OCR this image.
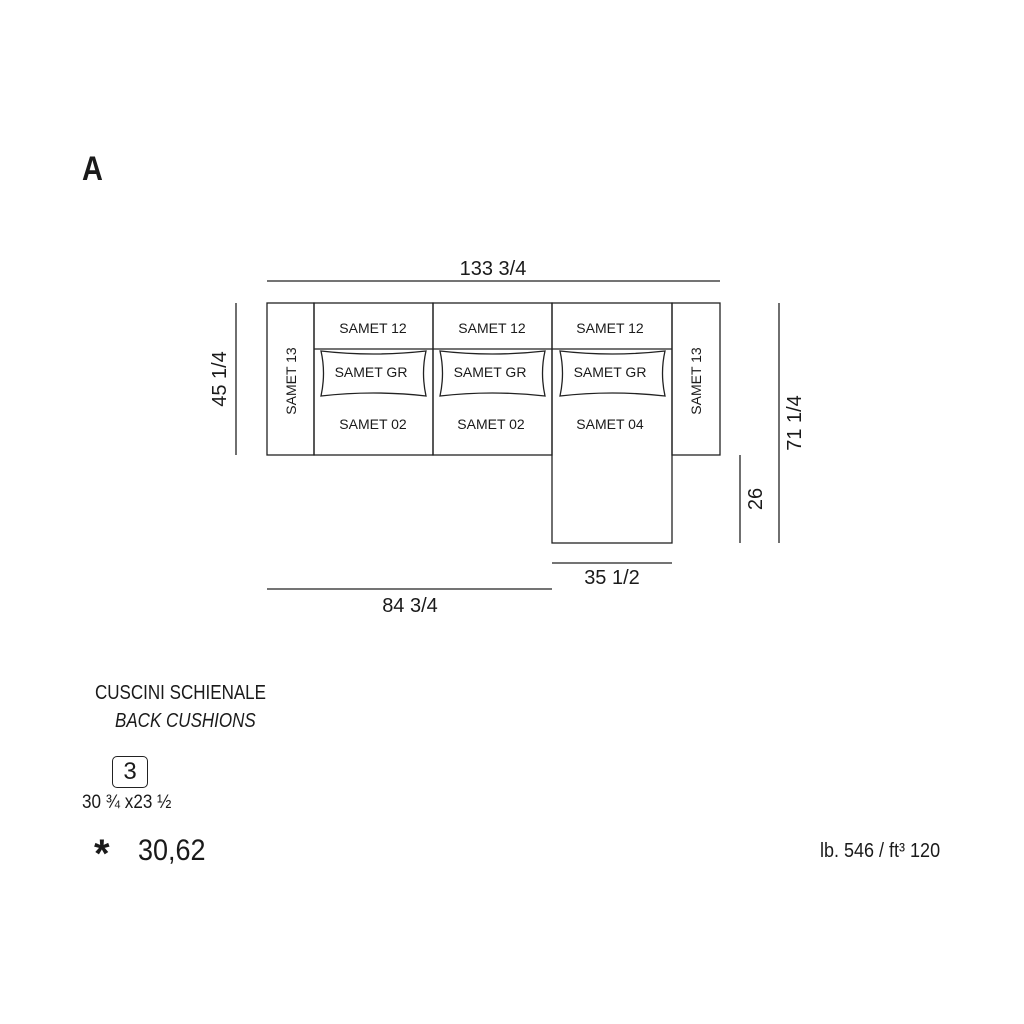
A
133 3/4
45 1/4
71 1/4
26
35 1/2
84 3/4
SAMET 13	SAMET 13
SAMET 12	SAMET 12	SAMET 12
SAMET GR	SAMET GR	SAMET GR
SAMET 02	SAMET 02	SAMET 04
CUSCINI SCHIENALE
BACK CUSHIONS
3
30 ¾ x23 ½
* 30,62	lb. 546 / ft³ 120
